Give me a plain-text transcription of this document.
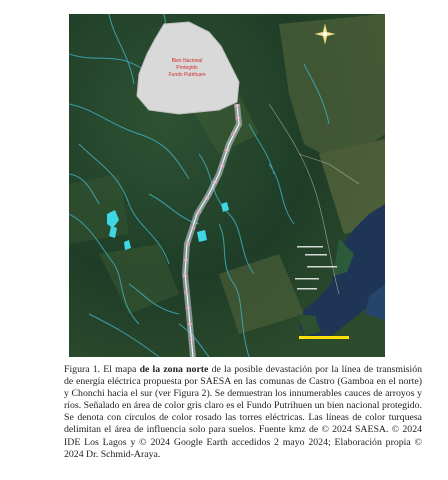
Bien Nacional
Protegido
Fundo Putrihuen
Figura 1. El mapa de la zona norte de la posible devastación por la línea de transmisión de energía eléctrica propuesta por SAESA en las comunas de Castro (Gamboa en el norte) y Chonchi hacia el sur (ver Figura 2). Se demuestran los innumerables cauces de arroyos y ríos. Señalado en área de color gris claro es el Fundo Putrihuen un bien nacional protegido. Se denota con círculos de color rosado las torres eléctricas. Las líneas de color turquesa delimitan el área de influencia solo para suelos. Fuente kmz de © 2024 SAESA. © 2024 IDE Los Lagos y © 2024 Google Earth accedidos 2 mayo 2024; Elaboración propia © 2024 Dr. Schmid-Araya.
